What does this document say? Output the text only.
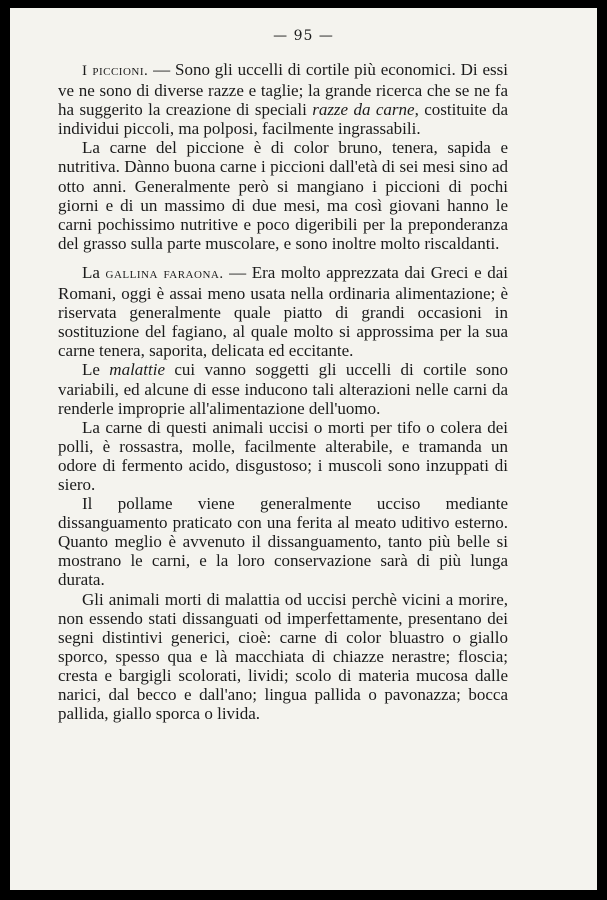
— 95 —

I piccioni. — Sono gli uccelli di cortile più economici. Di essi ve ne sono di diverse razze e taglie; la grande ricerca che se ne fa ha suggerito la creazione di speciali razze da carne, costituite da individui piccoli, ma polposi, facilmente ingrassabili.

La carne del piccione è di color bruno, tenera, sapida e nutritiva. Dànno buona carne i piccioni dall'età di sei mesi sino ad otto anni. Generalmente però si mangiano i piccioni di pochi giorni e di un massimo di due mesi, ma così giovani hanno le carni pochissimo nutritive e poco digeribili per la preponderanza del grasso sulla parte muscolare, e sono inoltre molto riscaldanti.

La gallina faraona. — Era molto apprezzata dai Greci e dai Romani, oggi è assai meno usata nella ordinaria alimentazione; è riservata generalmente quale piatto di grandi occasioni in sostituzione del fagiano, al quale molto si approssima per la sua carne tenera, saporita, delicata ed eccitante.

Le malattie cui vanno soggetti gli uccelli di cortile sono variabili, ed alcune di esse inducono tali alterazioni nelle carni da renderle improprie all'alimentazione dell'uomo.

La carne di questi animali uccisi o morti per tifo o colera dei polli, è rossastra, molle, facilmente alterabile, e tramanda un odore di fermento acido, disgustoso; i muscoli sono inzuppati di siero.

Il pollame viene generalmente ucciso mediante dissanguamento praticato con una ferita al meato uditivo esterno. Quanto meglio è avvenuto il dissanguamento, tanto più belle si mostrano le carni, e la loro conservazione sarà di più lunga durata.

Gli animali morti di malattia od uccisi perchè vicini a morire, non essendo stati dissanguati od imperfettamente, presentano dei segni distintivi generici, cioè: carne di color bluastro o giallo sporco, spesso qua e là macchiata di chiazze nerastre; floscia; cresta e bargigli scolorati, lividi; scolo di materia mucosa dalle narici, dal becco e dall'ano; lingua pallida o pavonazza; bocca pallida, giallo sporca o livida.
